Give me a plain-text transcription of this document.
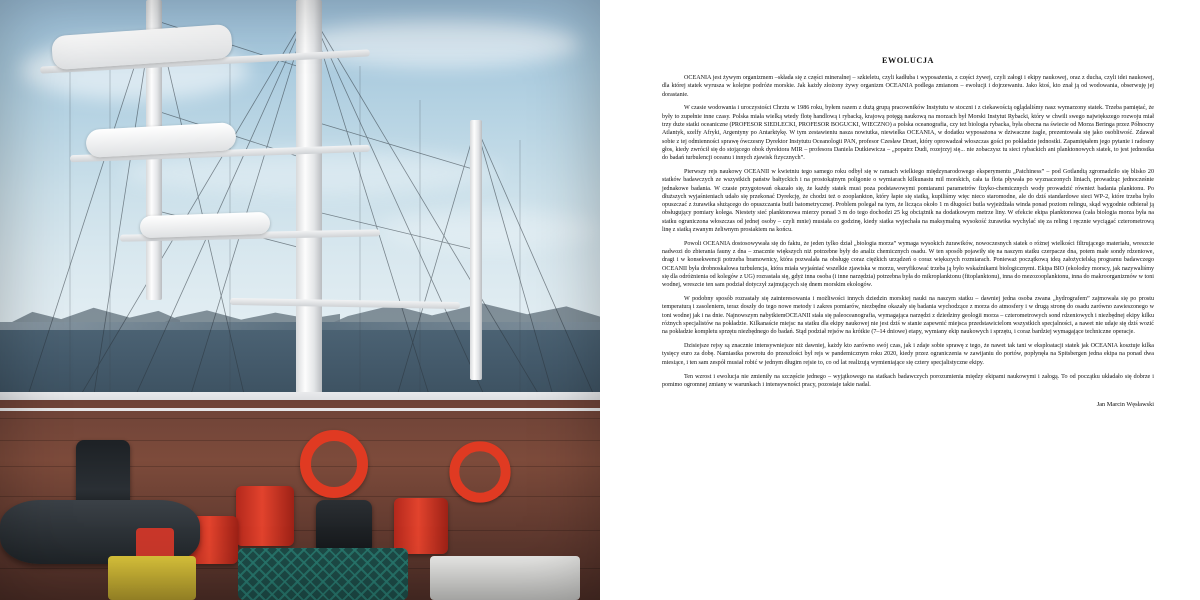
EWOLUCJA

OCEANIA jest żywym organizmem –składa się z części mineralnej – szkieletu, czyli kadłuba i wyposażenia, z części żywej, czyli załogi i ekipy naukowej, oraz z ducha, czyli idei naukowej, dla której statek wyrusza w kolejne podróże morskie. Jak każdy złożony żywy organizm OCEANIA podlega zmianom – ewolucji i dojrzewaniu. Jako ktoś, kto znał ją od wodowania, obserwuję jej dorastanie.

W czasie wodowania i uroczystości Chrztu w 1986 roku, byłem razem z dużą grupą pracowników Instytutu w stoczni i z ciekawością oglądaliśmy nasz wymarzony statek. Trzeba pamiętać, że były to zupełnie inne czasy. Polska miała wielką wtedy flotę handlową i rybacką, krajową potęgą naukową na morzach był Morski Instytut Rybacki, który w chwili swego największego rozwoju miał trzy duże statki oceaniczne (PROFESOR SIEDLECKI, PROFESOR BOGUCKI, WIECZNO) a polska oceanografia, czy też biologia rybacka, była obecna na świecie od Morza Beringa przez Północny Atlantyk, szelfy Afryki, Argentyny po Antarktykę. W tym zestawieniu nasza nowiutka, niewielka OCEANIA, w dodatku wyposażona w dziwaczne żagle, prezentowała się jako osobliwość. Zdawał sobie z tej odmienności sprawę ówczesny Dyrektor Instytutu Oceanologii PAN, profesor Czesław Druet, który oprowadzał włoszczas gości po pokładzie jednostki. Zapamiętałem jego pytanie i radosny głos, kiedy zwrócił się do stojącego obok dyrektora MIR – profesora Daniela Dutkiewicza – „popatrz Dudi, rozejrzyj się... nie zobaczysz tu sieci rybackich ani planktonowych siatek, to jest jednostka do badań turbulencji oceanu i innych zjawisk fizycznych”.

Pierwszy rejs naukowy OCEANII w kwietniu tego samego roku odbył się w ramach wielkiego międzynarodowego eksperymentu „Patchiness” – pod Gotlandią zgromadziło się blisko 20 statków badawczych ze wszystkich państw bałtyckich i na prostokątnym poligonie o wymiarach kilkunastu mil morskich, cała ta flota pływała po wyznaczonych liniach, prowadząc jednocześnie jednakowe badania. W czasie przygotowań okazało się, że każdy statek musi poza podstawowymi pomiarami parametrów fizyko-chemicznych wody prowadzić również badania planktonu. Po dłuższych wyjaśnieniach udało się przekonać Dyrekcję, że chodzi też o zooplankton, który łapie się siatką, kupiliśmy więc nieco staromodne, ale do dziś standardowe sieci WP-2, które trzeba było opuszczać z żurawika służącego do opuszczania butli batometrycznej. Problem polegał na tym, że licząca około 1 m długości butla wyjeżdżała winda ponad poziom relingu, skąd wygodnie odbierał ją obsługujący pomiary kolega. Niestety sieć planktonowa mierzy ponad 3 m do tego dochodzi 25 kg obciążnik na dodatkowym metrze liny. W efekcie ekipa planktonowa (cała biologia morza była na statku ograniczona włoszczas od jednej osoby – czyli mnie) musiała co godzinę, kiedy siatka wyjechała na maksymalną wysokość żurawika wychylać się za reling i ręcznie wyciągać czterometrową linę z siatką zwanym żeliwnym prosiakiem na końcu.

Powoli OCEANIA dostosowywała się do faktu, że jeden tylko dział „biologia morza” wymaga wysokich żurawików, nowoczesnych siatek o różnej wielkości filtrującego materiału, wreszcie nadwozi do zbierania fauny z dna – znacznie większych niż potrzebne były do analiz chemicznych osadu. W ten sposób pojawiły się na naszym statku czerpacze dna, potem małe sondy rdzeniowe, dragi i w konsekwencji potrzeba bramownicy, która pozwalała na obsługę coraz ciężkich urządzeń o coraz większych rozmiarach. Ponieważ początkową ideą założycielską programu badawczego OCEANII była drobnoskalowa turbulencja, która miała wyjaśniać wszelkie zjawiska w morzu, weryfikować trzeba ją było wskaźnikami biologicznymi. Ekipa BIO (ekolodzy morscy, jak nazywaliśmy się dla odróżnienia od kolegów z UG) rozrastała się, gdyż inna osoba (i inne narzędzia) potrzebna była do mikroplanktonu (fitoplanktonu), inna do mezozooplanktonu, inna do makroorganizmów w toni wodnej, wreszcie ten sam podział dotyczył zajmujących się dnem morskim ekologów.

W podobny sposób rozrastały się zainteresowania i możliwości innych dziedzin morskiej nauki na naszym statku – dawniej jedna osoba zwana „hydrografem” zajmowała się po prostu temperaturą i zasoleniem, teraz doszły do tego nowe metody i zakres pomiarów, niezbędne okazały się badania wychodzące z morza do atmosfery i w drugą stronę do osadu zarówno zawieszonego w toni wodnej jak i na dnie. Najnowszym nabytkiemOCEANII stała się paleoceanografia, wymagająca narzędzi z dziedziny geologii morza – czterometrowych sond rdzeniowych i niezbędnej ekipy kilku różnych specjalistów na pokładzie. Kilkanaście miejsc na statku dla ekipy naukowej nie jest dziś w stanie zapewnić miejsca przedstawicielom wszystkich specjalności, a nawet nie udaje się dziś wozić na pokładzie kompletu sprzętu niezbędnego do badań. Stąd podział rejsów na krótkie (7–14 dniowe) etapy, wymiany ekip naukowych i sprzętu, i coraz bardziej wymagające techniczne operacje.

Dzisiejsze rejsy są znacznie intensywniejsze niż dawniej, każdy kto zarówno swój czas, jak i zdaje sobie sprawę z tego, że nawet tak tani w eksploatacji statek jak OCEANIA kosztuje kilka tysięcy euro za dobę. Namiastka powrotu do przeszłości był rejs w pandemicznym roku 2020, kiedy przez ograniczenia w zawijaniu do portów, popłynęła na Spitsbergen jedna ekipa na ponad dwa miesiące, i ten sam zespół musiał robić w jednym długim rejsie to, co od lat realizują wymieniające się cztery specjalistyczne ekipy.

Ten wzrost i ewolucja nie zmieniły na szczęście jednego – wyjątkowego na statkach badawczych porozumienia między ekipami naukowymi i załogą. To od początku układało się dobrze i pomimo ogromnej zmiany w warunkach i intensywności pracy, pozostaje takie nadal.

Jan Marcin Węsławski
